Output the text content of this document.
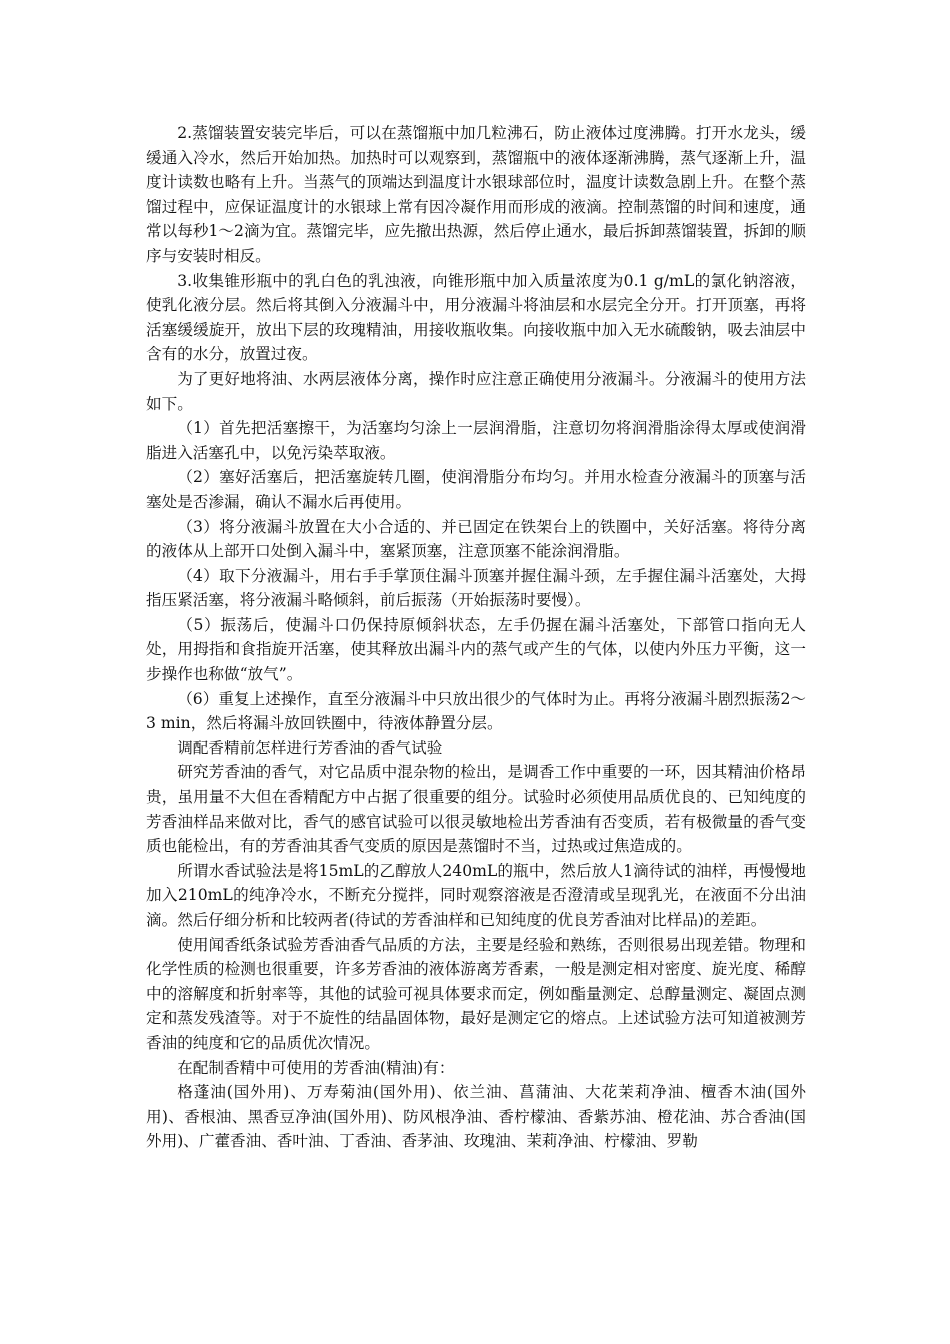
2.蒸馏装置安装完毕后，可以在蒸馏瓶中加几粒沸石，防止液体过度沸腾。打开水龙头，缓缓通入冷水，然后开始加热。加热时可以观察到，蒸馏瓶中的液体逐渐沸腾，蒸气逐渐上升，温度计读数也略有上升。当蒸气的顶端达到温度计水银球部位时，温度计读数急剧上升。在整个蒸馏过程中，应保证温度计的水银球上常有因冷凝作用而形成的液滴。控制蒸馏的时间和速度，通常以每秒1～2滴为宜。蒸馏完毕，应先撤出热源，然后停止通水，最后拆卸蒸馏装置，拆卸的顺序与安装时相反。

3.收集锥形瓶中的乳白色的乳浊液，向锥形瓶中加入质量浓度为0.1 g/mL的氯化钠溶液，使乳化液分层。然后将其倒入分液漏斗中，用分液漏斗将油层和水层完全分开。打开顶塞，再将活塞缓缓旋开，放出下层的玫瑰精油，用接收瓶收集。向接收瓶中加入无水硫酸钠，吸去油层中含有的水分，放置过夜。

为了更好地将油、水两层液体分离，操作时应注意正确使用分液漏斗。分液漏斗的使用方法如下。

（1）首先把活塞擦干，为活塞均匀涂上一层润滑脂，注意切勿将润滑脂涂得太厚或使润滑脂进入活塞孔中，以免污染萃取液。

（2）塞好活塞后，把活塞旋转几圈，使润滑脂分布均匀。并用水检查分液漏斗的顶塞与活塞处是否渗漏，确认不漏水后再使用。

（3）将分液漏斗放置在大小合适的、并已固定在铁架台上的铁圈中，关好活塞。将待分离的液体从上部开口处倒入漏斗中，塞紧顶塞，注意顶塞不能涂润滑脂。

（4）取下分液漏斗，用右手手掌顶住漏斗顶塞并握住漏斗颈，左手握住漏斗活塞处，大拇指压紧活塞，将分液漏斗略倾斜，前后振荡（开始振荡时要慢）。

（5）振荡后，使漏斗口仍保持原倾斜状态，左手仍握在漏斗活塞处，下部管口指向无人处，用拇指和食指旋开活塞，使其释放出漏斗内的蒸气或产生的气体，以使内外压力平衡，这一步操作也称做“放气”。

（6）重复上述操作，直至分液漏斗中只放出很少的气体时为止。再将分液漏斗剧烈振荡2～3 min，然后将漏斗放回铁圈中，待液体静置分层。

调配香精前怎样进行芳香油的香气试验

研究芳香油的香气，对它品质中混杂物的检出，是调香工作中重要的一环，因其精油价格昂贵，虽用量不大但在香精配方中占据了很重要的组分。试验时必须使用品质优良的、已知纯度的芳香油样品来做对比，香气的感官试验可以很灵敏地检出芳香油有否变质，若有极微量的香气变质也能检出，有的芳香油其香气变质的原因是蒸馏时不当，过热或过焦造成的。

所谓水香试验法是将15mL的乙醇放人240mL的瓶中，然后放人1滴待试的油样，再慢慢地加入210mL的纯净冷水，不断充分搅拌，同时观察溶液是否澄清或呈现乳光，在液面不分出油滴。然后仔细分析和比较两者(待试的芳香油样和已知纯度的优良芳香油对比样品)的差距。

使用闻香纸条试验芳香油香气品质的方法，主要是经验和熟练，否则很易出现差错。物理和化学性质的检测也很重要，许多芳香油的液体游离芳香素，一般是测定相对密度、旋光度、稀醇中的溶解度和折射率等，其他的试验可视具体要求而定，例如酯量测定、总醇量测定、凝固点测定和蒸发残渣等。对于不旋性的结晶固体物，最好是测定它的熔点。上述试验方法可知道被测芳香油的纯度和它的品质优次情况。

在配制香精中可使用的芳香油(精油)有：

格蓬油(国外用)、万寿菊油(国外用)、依兰油、菖蒲油、大花茉莉净油、檀香木油(国外用)、香根油、黑香豆净油(国外用)、防风根净油、香柠檬油、香紫苏油、橙花油、苏合香油(国外用)、广藿香油、香叶油、丁香油、香茅油、玫瑰油、茉莉净油、柠檬油、罗勒
